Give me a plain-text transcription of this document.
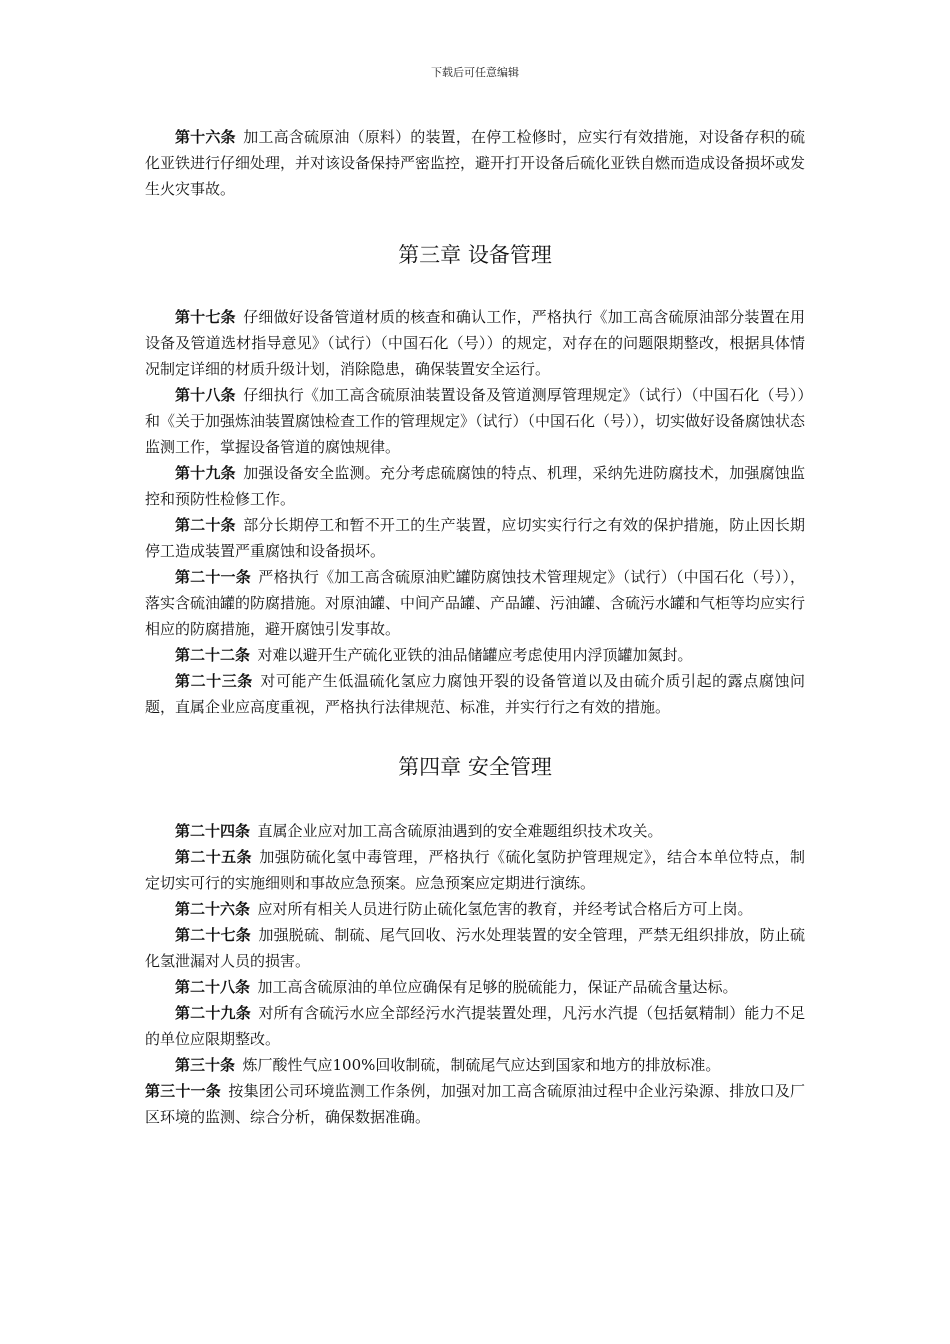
下载后可任意编辑

第十六条 加工高含硫原油（原料）的装置，在停工检修时，应实行有效措施，对设备存积的硫化亚铁进行仔细处理，并对该设备保持严密监控，避开打开设备后硫化亚铁自燃而造成设备损坏或发生火灾事故。

第三章 设备管理

第十七条 仔细做好设备管道材质的核查和确认工作，严格执行《加工高含硫原油部分装置在用设备及管道选材指导意见》（试行）（中国石化（号））的规定，对存在的问题限期整改，根据具体情况制定详细的材质升级计划，消除隐患，确保装置安全运行。

第十八条 仔细执行《加工高含硫原油装置设备及管道测厚管理规定》（试行）（中国石化（号））和《关于加强炼油装置腐蚀检查工作的管理规定》（试行）（中国石化（号）），切实做好设备腐蚀状态监测工作，掌握设备管道的腐蚀规律。

第十九条 加强设备安全监测。充分考虑硫腐蚀的特点、机理，采纳先进防腐技术，加强腐蚀监控和预防性检修工作。

第二十条 部分长期停工和暂不开工的生产装置，应切实实行行之有效的保护措施，防止因长期停工造成装置严重腐蚀和设备损坏。

第二十一条 严格执行《加工高含硫原油贮罐防腐蚀技术管理规定》（试行）（中国石化（号）），落实含硫油罐的防腐措施。对原油罐、中间产品罐、产品罐、污油罐、含硫污水罐和气柜等均应实行相应的防腐措施，避开腐蚀引发事故。

第二十二条 对难以避开生产硫化亚铁的油品储罐应考虑使用内浮顶罐加氮封。

第二十三条 对可能产生低温硫化氢应力腐蚀开裂的设备管道以及由硫介质引起的露点腐蚀问题，直属企业应高度重视，严格执行法律规范、标准，并实行行之有效的措施。

第四章 安全管理

第二十四条 直属企业应对加工高含硫原油遇到的安全难题组织技术攻关。

第二十五条 加强防硫化氢中毒管理，严格执行《硫化氢防护管理规定》，结合本单位特点，制定切实可行的实施细则和事故应急预案。应急预案应定期进行演练。

第二十六条 应对所有相关人员进行防止硫化氢危害的教育，并经考试合格后方可上岗。

第二十七条 加强脱硫、制硫、尾气回收、污水处理装置的安全管理，严禁无组织排放，防止硫化氢泄漏对人员的损害。

第二十八条 加工高含硫原油的单位应确保有足够的脱硫能力，保证产品硫含量达标。

第二十九条 对所有含硫污水应全部经污水汽提装置处理，凡污水汽提（包括氨精制）能力不足的单位应限期整改。

第三十条 炼厂酸性气应100%回收制硫，制硫尾气应达到国家和地方的排放标准。

第三十一条 按集团公司环境监测工作条例，加强对加工高含硫原油过程中企业污染源、排放口及厂区环境的监测、综合分析，确保数据准确。
